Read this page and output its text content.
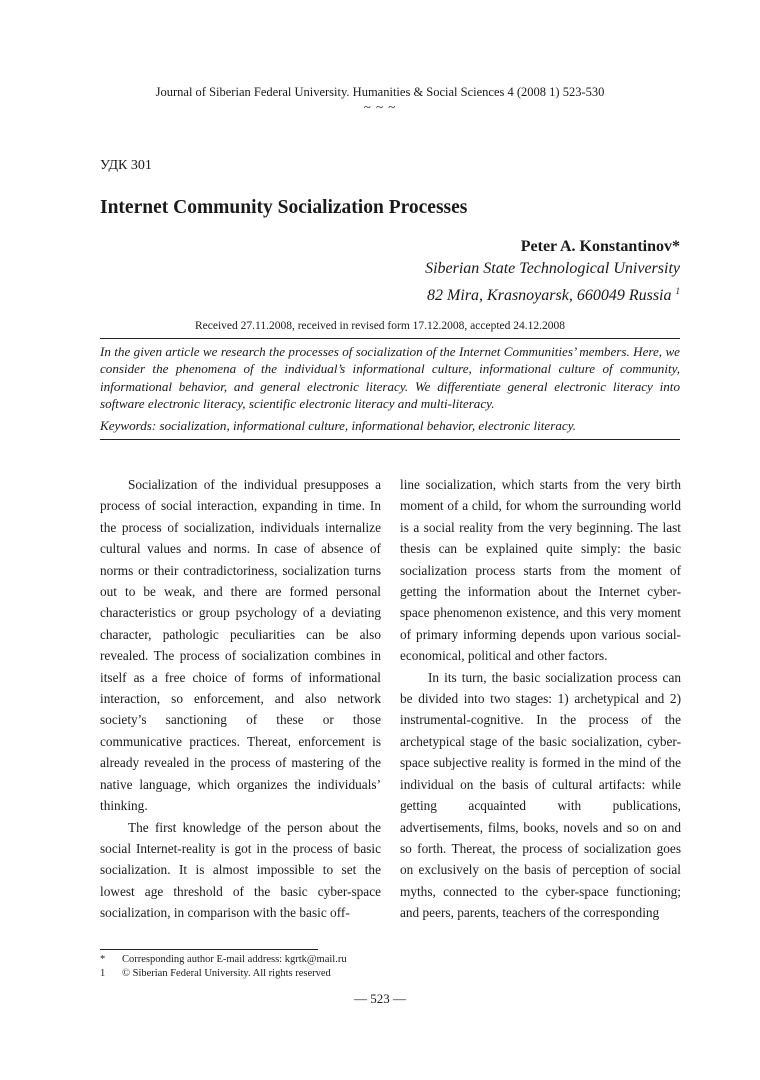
Journal of Siberian Federal University. Humanities & Social Sciences 4 (2008 1) 523-530
~ ~ ~
УДК 301
Internet Community Socialization Processes
Peter A. Konstantinov*
Siberian State Technological University
82 Mira, Krasnoyarsk, 660049 Russia $^1$
Received 27.11.2008, received in revised form 17.12.2008, accepted 24.12.2008
In the given article we research the processes of socialization of the Internet Communities’ members. Here, we consider the phenomena of the individual’s informational culture, informational culture of community, informational behavior, and general electronic literacy. We differentiate general electronic literacy into software electronic literacy, scientific electronic literacy and multi-literacy.
Keywords: socialization, informational culture, informational behavior, electronic literacy.

Socialization of the individual presupposes a process of social interaction, expanding in time. In the process of socialization, individuals internalize cultural values and norms. In case of absence of norms or their contradictoriness, socialization turns out to be weak, and there are formed personal characteristics or group psychology of a deviating character, pathologic peculiarities can be also revealed. The process of socialization combines in itself as a free choice of forms of informational interaction, so enforcement, and also network society’s sanctioning of these or those communicative practices. Thereat, enforcement is already revealed in the process of mastering of the native language, which organizes the individuals’ thinking.

The first knowledge of the person about the social Internet-reality is got in the process of basic socialization. It is almost impossible to set the lowest age threshold of the basic cyber-space socialization, in comparison with the basic off-

line socialization, which starts from the very birth moment of a child, for whom the surrounding world is a social reality from the very beginning. The last thesis can be explained quite simply: the basic socialization process starts from the moment of getting the information about the Internet cyber-space phenomenon existence, and this very moment of primary informing depends upon various social-economical, political and other factors.

In its turn, the basic socialization process can be divided into two stages: 1) archetypical and 2) instrumental-cognitive. In the process of the archetypical stage of the basic socialization, cyber-space subjective reality is formed in the mind of the individual on the basis of cultural artifacts: while getting acquainted with publications, advertisements, films, books, novels and so on and so forth. Thereat, the process of socialization goes on exclusively on the basis of perception of social myths, connected to the cyber-space functioning; and peers, parents, teachers of the corresponding

* Corresponding author E-mail address: kgrtk@mail.ru
1 © Siberian Federal University. All rights reserved
— 523 —
